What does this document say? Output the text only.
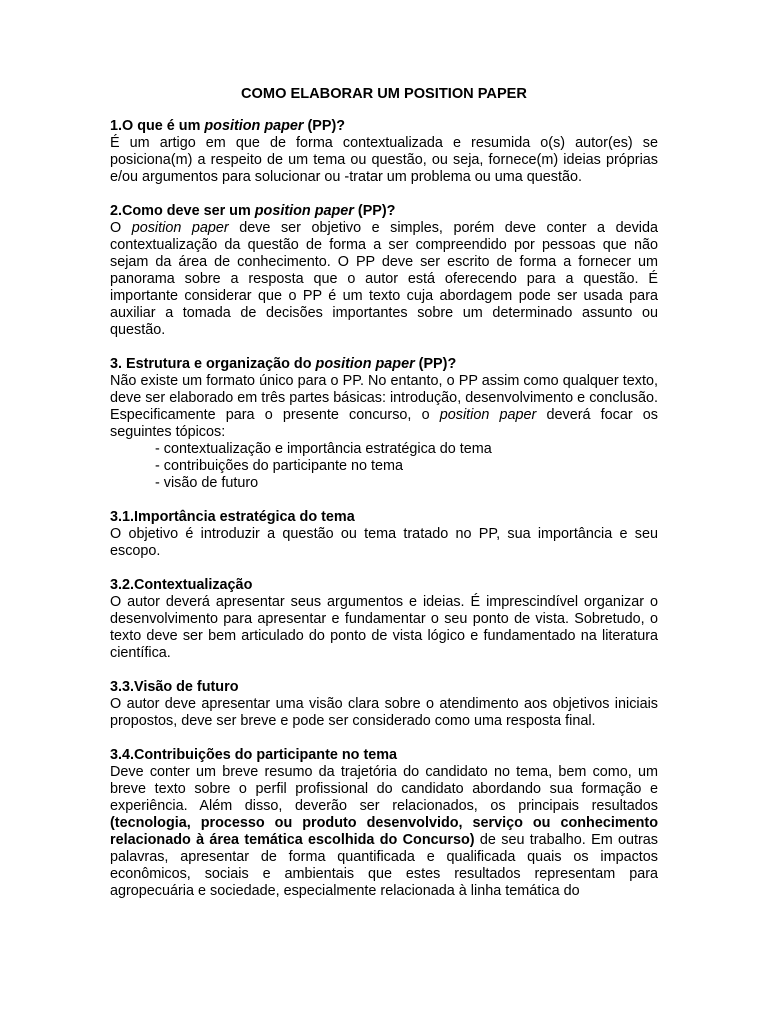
COMO ELABORAR UM POSITION PAPER

1.O que é um position paper (PP)?

É um artigo em que de forma contextualizada e resumida o(s) autor(es) se posiciona(m) a respeito de um tema ou questão, ou seja, fornece(m) ideias próprias e/ou argumentos para solucionar ou -tratar um problema ou uma questão.

2.Como deve ser um position paper (PP)?

O position paper deve ser objetivo e simples, porém deve conter a devida contextualização da questão de forma a ser compreendido por pessoas que não sejam da área de conhecimento. O PP deve ser escrito de forma a fornecer um panorama sobre a resposta que o autor está oferecendo para a questão. É importante considerar que o PP é um texto cuja abordagem pode ser usada para auxiliar a tomada de decisões importantes sobre um determinado assunto ou questão.

3. Estrutura e organização do position paper (PP)?

Não existe um formato único para o PP. No entanto, o PP assim como qualquer texto, deve ser elaborado em três partes básicas: introdução, desenvolvimento e conclusão. Especificamente para o presente concurso, o position paper deverá focar os seguintes tópicos:

- contextualização e importância estratégica do tema
- contribuições do participante no tema
- visão de futuro

3.1.Importância estratégica do tema

O objetivo é introduzir a questão ou tema tratado no PP, sua importância e seu escopo.

3.2.Contextualização

O autor deverá apresentar seus argumentos e ideias. É imprescindível organizar o desenvolvimento para apresentar e fundamentar o seu ponto de vista. Sobretudo, o texto deve ser bem articulado do ponto de vista lógico e fundamentado na literatura científica.

3.3.Visão de futuro

O autor deve apresentar uma visão clara sobre o atendimento aos objetivos iniciais propostos, deve ser breve e pode ser considerado como uma resposta final.

3.4.Contribuições do participante no tema

Deve conter um breve resumo da trajetória do candidato no tema, bem como, um breve texto sobre o perfil profissional do candidato abordando sua formação e experiência. Além disso, deverão ser relacionados, os principais resultados (tecnologia, processo ou produto desenvolvido, serviço ou conhecimento relacionado à área temática escolhida do Concurso) de seu trabalho. Em outras palavras, apresentar de forma quantificada e qualificada quais os impactos econômicos, sociais e ambientais que estes resultados representam para agropecuária e sociedade, especialmente relacionada à linha temática do
